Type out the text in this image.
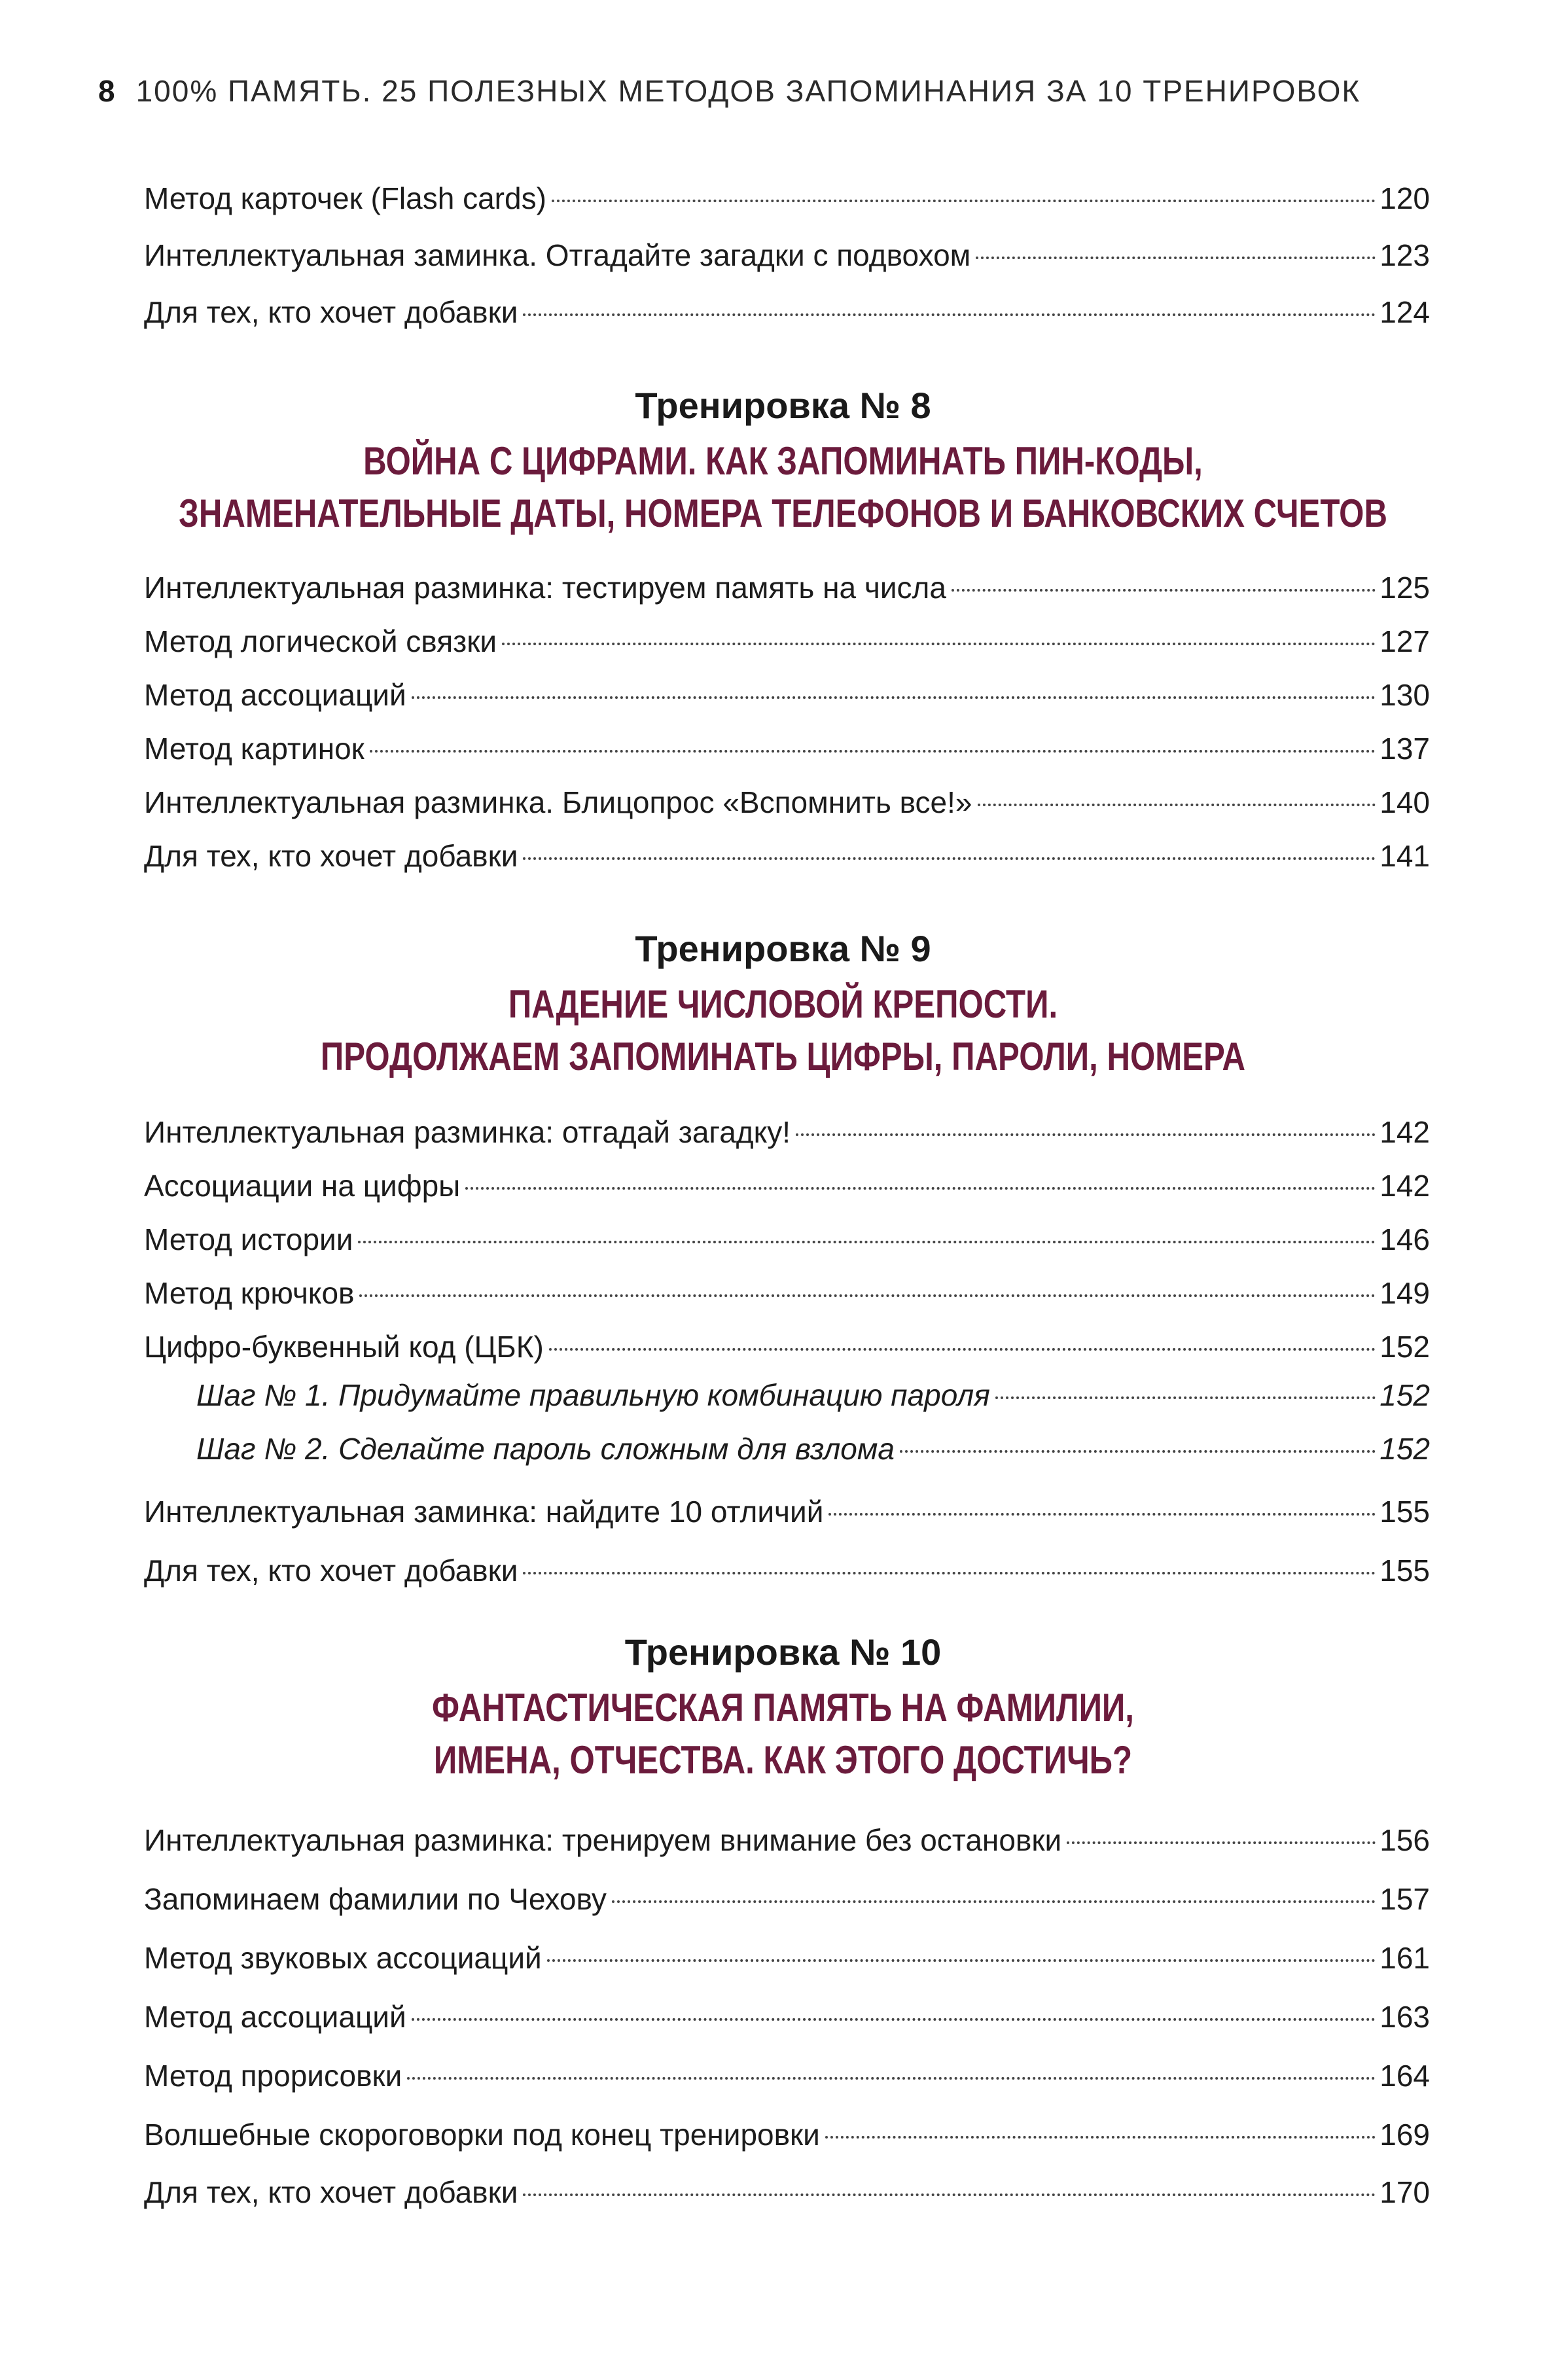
8 100% ПАМЯТЬ. 25 ПОЛЕЗНЫХ МЕТОДОВ ЗАПОМИНАНИЯ ЗА 10 ТРЕНИРОВОК
Метод карточек (Flash cards)	120
Интеллектуальная заминка. Отгадайте загадки с подвохом	123
Для тех, кто хочет добавки	124
Тренировка № 8
ВОЙНА С ЦИФРАМИ. КАК ЗАПОМИНАТЬ ПИН-КОДЫ,
ЗНАМЕНАТЕЛЬНЫЕ ДАТЫ, НОМЕРА ТЕЛЕФОНОВ И БАНКОВСКИХ СЧЕТОВ
Интеллектуальная разминка: тестируем память на числа	125
Метод логической связки	127
Метод ассоциаций	130
Метод картинок	137
Интеллектуальная разминка. Блицопрос «Вспомнить все!»	140
Для тех, кто хочет добавки	141
Тренировка № 9
ПАДЕНИЕ ЧИСЛОВОЙ КРЕПОСТИ.
ПРОДОЛЖАЕМ ЗАПОМИНАТЬ ЦИФРЫ, ПАРОЛИ, НОМЕРА
Интеллектуальная разминка: отгадай загадку!	142
Ассоциации на цифры	142
Метод истории	146
Метод крючков	149
Цифро-буквенный код (ЦБК)	152
Шаг № 1. Придумайте правильную комбинацию пароля	152
Шаг № 2. Сделайте пароль сложным для взлома	152
Интеллектуальная заминка: найдите 10 отличий	155
Для тех, кто хочет добавки	155
Тренировка № 10
ФАНТАСТИЧЕСКАЯ ПАМЯТЬ НА ФАМИЛИИ,
ИМЕНА, ОТЧЕСТВА. КАК ЭТОГО ДОСТИЧЬ?
Интеллектуальная разминка: тренируем внимание без остановки	156
Запоминаем фамилии по Чехову	157
Метод звуковых ассоциаций	161
Метод ассоциаций	163
Метод прорисовки	164
Волшебные скороговорки под конец тренировки	169
Для тех, кто хочет добавки	170
